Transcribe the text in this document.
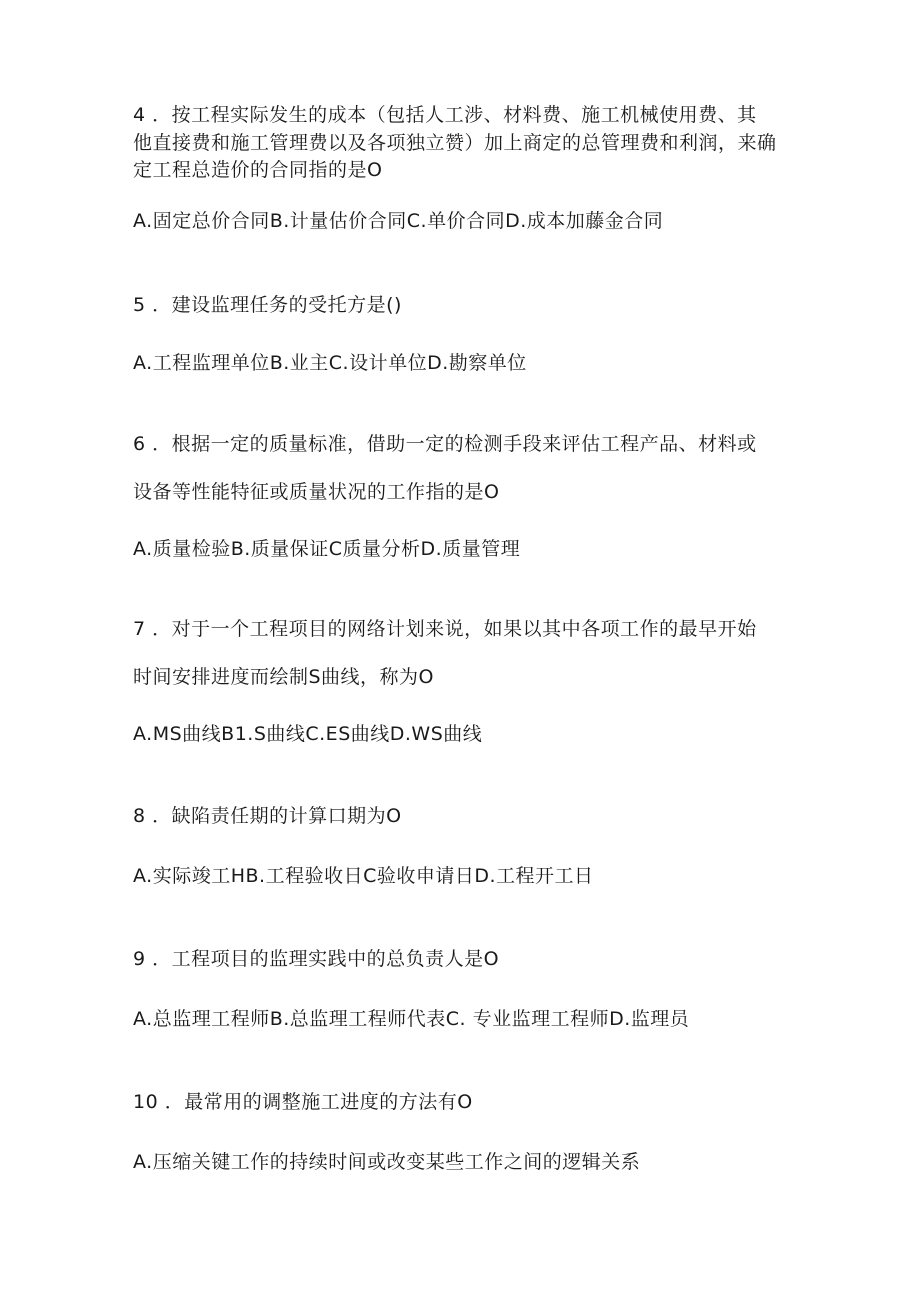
4 ．按工程实际发生的成本（包括人工涉、材料费、施工机械使用费、其
他直接费和施工管理费以及各项独立赞）加上商定的总管理费和利润，来确
定工程总造价的合同指的是O
A.固定总价合同B.计量估价合同C.单价合同D.成本加藤金合同
5 ．建设监理任务的受托方是()
A.工程监理单位B.业主C.设计单位D.勘察单位
6 ．根据一定的质量标准，借助一定的检测手段来评估工程产品、材料或
设备等性能特征或质量状况的工作指的是O
A.质量检验B.质量保证C质量分析D.质量管理
7 ．对于一个工程项目的网络计划来说，如果以其中各项工作的最早开始
时间安排进度而绘制S曲线，称为O
A.MS曲线B1.S曲线C.ES曲线D.WS曲线
8 ．缺陷责任期的计算口期为O
A.实际竣工HB.工程验收日C验收申请日D.工程开工日
9 ．工程项目的监理实践中的总负责人是O
A.总监理工程师B.总监理工程师代表C. 专业监理工程师D.监理员
10 ．最常用的调整施工进度的方法有O
A.压缩关键工作的持续时间或改变某些工作之间的逻辑关系
